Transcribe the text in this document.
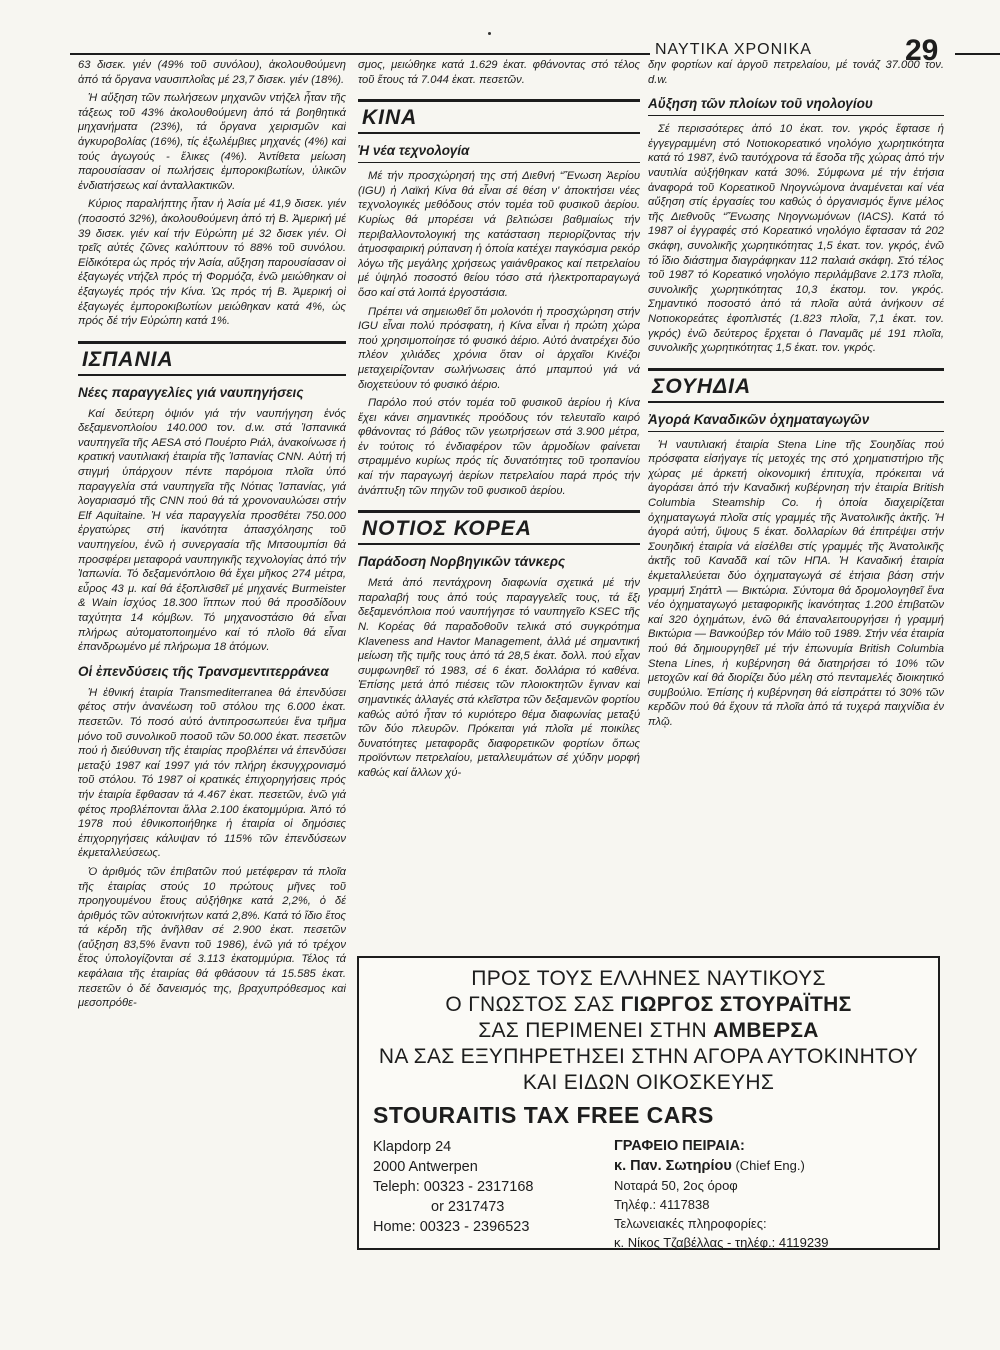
ΝΑΥΤΙΚΑ ΧΡΟΝΙΚΑ	29

63 δισεκ. γιέν (49% τοῦ συνόλου), ἀκολουθούμενη ἀπό τά ὄργανα ναυσιπλοΐας μέ 23,7 δισεκ. γιέν (18%).

Ἡ αὔξηση τῶν πωλήσεων μηχανῶν ντήζελ ἦταν τῆς τάξεως τοῦ 43% ἀκολουθούμενη ἀπό τά βοηθητικά μηχανήματα (23%), τά ὄργανα χειρισμῶν καί ἀγκυροβολίας (16%), τίς ἐξωλέμβιες μηχανές (4%) καί τούς ἀγωγούς - ἕλικες (4%). Ἀντίθετα μείωση παρουσίασαν οἱ πωλήσεις ἐμπορoκιβωτίων, ὑλικῶν ἐνδιατήσεως καί ἀνταλλακτικῶν.

Κύριος παραλήπτης ἦταν ἡ Ἀσία μέ 41,9 δισεκ. γιέν (ποσοστό 32%), ἀκολουθούμενη ἀπό τή Β. Ἀμερική μέ 39 δισεκ. γιέν καί τήν Εὐρώπη μέ 32 δισεκ γιέν. Οἱ τρεῖς αὐτές ζῶνες καλύπτουν τό 88% τοῦ συνόλου. Εἰδικότερα ὡς πρός τήν Ἀσία, αὔξηση παρουσίασαν οἱ ἐξαγωγές ντήζελ πρός τή Φορμόζα, ἐνῶ μειώθηκαν οἱ ἐξαγωγές πρός τήν Κίνα. Ὡς πρός τή Β. Ἀμερική οἱ ἐξαγωγές ἐμπορoκιβωτίων μειώθηκαν κατά 4%, ὡς πρός δέ τήν Εὐρώπη κατά 1%.

ΙΣΠΑΝΙΑ
Νέες παραγγελίες γιά ναυπηγήσεις

Καί δεύτερη ὀψιόν γιά τήν ναυπήγηση ἑνός δεξαμενοπλοίου 140.000 τον. d.w. στά Ἱσπανικά ναυπηγεῖα τῆς AESA στό Πουέρτο Ριάλ, ἀνακοίνωσε ἡ κρατική ναυτιλιακή ἑταιρία τῆς Ἱσπανίας CNN. Αὐτή τή στιγμή ὑπάρχουν πέντε παρόμοια πλοῖα ὑπό παραγγελία στά ναυπηγεῖα τῆς Νότιας Ἱσπανίας, γιά λογαριασμό τῆς CNN πού θά τά χρονοναυλώσει στήν Elf Aquitaine. Ἡ νέα παραγγελία προσθέτει 750.000 ἐργατώρες στή ἱκανότητα ἀπασχόλησης τοῦ ναυπηγείου, ἐνῶ ἡ συνεργασία τῆς Μιτσουμπίσι θά προσφέρει μεταφορά ναυπηγικῆς τεχνολογίας ἀπό τήν Ἰαπωνία. Τό δεξαμενόπλοιο θά ἔχει μῆκος 274 μέτρα, εὖρος 43 μ. καί θά ἐξοπλισθεῖ μέ μηχανές Burmeister & Wain ἰσχύος 18.300 ἵππων πού θά προσδίδουν ταχύτητα 14 κόμβων. Τό μηχανοστάσιο θά εἶναι πλήρως αὐτοματοποιημένο καί τό πλοῖο θά εἶναι ἐπανδρωμένο μέ πλήρωμα 18 ἀτόμων.

Οἱ ἐπενδύσεις τῆς Τρανσμεντιτερράνεα

Ἡ ἐθνική ἑταιρία Transmediterranea θά ἐπενδύσει φέτος στήν ἀνανέωση τοῦ στόλου της 6.000 ἑκατ. πεσετῶν. Τό ποσό αὐτό ἀντιπροσωπεύει ἕνα τμῆμα μόνο τοῦ συνολικοῦ ποσοῦ τῶν 50.000 ἑκατ. πεσετῶν πού ἡ διεύθυνση τῆς ἑταιρίας προβλέπει νά ἐπενδύσει μεταξύ 1987 καί 1997 γιά τόν πλήρη ἐκσυγχρονισμό τοῦ στόλου. Τό 1987 οἱ κρατικές ἐπιχορηγήσεις πρός τήν ἑταιρία ἔφθασαν τά 4.467 ἑκατ. πεσετῶν, ἐνῶ γιά φέτος προβλέπονται ἄλλα 2.100 ἑκατομμύρια. Ἀπό τό 1978 πού ἐθνικοποιήθηκε ἡ ἑταιρία οἱ δημόσιες ἐπιχορηγήσεις κάλυψαν τό 115% τῶν ἐπενδύσεων ἐκμεταλλεύσεως.

Ὁ ἀριθμός τῶν ἐπιβατῶν πού μετέφεραν τά πλοῖα τῆς ἑταιρίας στούς 10 πρώτους μῆνες τοῦ προηγουμένου ἔτους αὐξήθηκε κατά 2,2%, ὁ δέ ἀριθμός τῶν αὐτοκινήτων κατά 2,8%. Κατά τό ἴδιο ἔτος τά κέρδη τῆς ἀνῆλθαν σέ 2.900 ἑκατ. πεσετῶν (αὔξηση 83,5% ἔναντι τοῦ 1986), ἐνῶ γιά τό τρέχον ἔτος ὑπολογίζονται σέ 3.113 ἑκατομμύρια. Τέλος τά κεφάλαια τῆς ἑταιρίας θά φθάσουν τά 15.585 ἑκατ. πεσετῶν ὁ δέ δανεισμός της, βραχυπρόθεσμος καί μεσοπρόθε-

σμος, μειώθηκε κατά 1.629 ἑκατ. φθάνοντας στό τέλος τοῦ ἔτους τά 7.044 ἑκατ. πεσετῶν.

ΚΙΝΑ
Ἡ νέα τεχνολογία

Μέ τήν προσχώρησή της στή Διεθνή “Ἕνωση Ἀερίου (IGU) ἡ Λαϊκή Κίνα θά εἶναι σέ θέση ν' ἀποκτήσει νέες τεχνολογικές μεθόδους στόν τομέα τοῦ φυσικοῦ ἀερίου. Κυρίως θά μπορέσει νά βελτιώσει βαθμιαίως τήν περιβαλλοντολογική της κατάσταση περιορίζοντας τήν ἀτμοσφαιρική ρύπανση ἡ ὁποία κατέχει παγκόσμια ρεκόρ λόγω τῆς μεγάλης χρήσεως γαιάνθρακος καί πετρελαίου μέ ὑψηλό ποσοστό θείου τόσο στά ἠλεκτροπαραγωγά ὅσο καί στά λοιπά ἐργοστάσια.

Πρέπει νά σημειωθεῖ ὅτι μολονότι ἡ προσχώρηση στήν IGU εἶναι πολύ πρόσφατη, ἡ Κίνα εἶναι ἡ πρώτη χώρα πού χρησιμοποίησε τό φυσικό ἀέριο. Αὐτό ἀνατρέχει δύο πλέον χιλιάδες χρόνια ὅταν οἱ ἀρχαῖοι Κινέζοι μεταχειρίζονταν σωλήνωσεις ἀπό μπαμπού γιά νά διοχετεύουν τό φυσικό ἀέριο.

Παρόλο πού στόν τομέα τοῦ φυσικοῦ ἀερίου ἡ Κίνα ἔχει κάνει σημαντικές προόδους τόν τελευταῖο καιρό φθάνοντας τό βάθος τῶν γεωτρήσεων στά 3.900 μέτρα, ἐν τούτοις τό ἐνδιαφέρον τῶν ἁρμοδίων φαίνεται στραμμένο κυρίως πρός τίς δυνατότητες τοῦ τροπανίου καί τήν παραγωγή ἀερίων πετρελαίου παρά πρός τήν ἀνάπτυξη τῶν πηγῶν τοῦ φυσικοῦ ἀερίου.

ΝΟΤΙΟΣ ΚΟΡΕΑ
Παράδοση Νορβηγικῶν τάνκερς

Μετά ἀπό πεντάχρονη διαφωνία σχετικά μέ τήν παραλαβή τους ἀπό τούς παραγγελεῖς τους, τά ἕξι δεξαμενόπλοια πού ναυπήγησε τό ναυπηγεῖο KSEC τῆς Ν. Κορέας θά παραδοθοῦν τελικά στό συγκρότημα Klaveness and Havtor Management, ἀλλά μέ σημαντική μείωση τῆς τιμῆς τους ἀπό τά 28,5 ἑκατ. δολλ. πού εἶχαν συμφωνηθεῖ τό 1983, σέ 6 ἑκατ. δολλάρια τό καθένα. Ἐπίσης μετά ἀπό πιέσεις τῶν πλοιοκτητῶν ἔγιναν καί σημαντικές ἀλλαγές στά κλεῖστρα τῶν δεξαμενῶν φορτίου καθώς αὐτό ἦταν τό κυριότερο θέμα διαφωνίας μεταξύ τῶν δύο πλευρῶν. Πρόκειται γιά πλοῖα μέ ποικίλες δυνατότητες μεταφορᾶς διαφορετικῶν φορτίων ὅπως προϊόντων πετρελαίου, μεταλλευμάτων σέ χύδην μορφή καθώς καί ἄλλων χύ-

δην φορτίων καί ἀργοῦ πετρελαίου, μέ τονάζ 37.000 τον. d.w.

Αὔξηση τῶν πλοίων τοῦ νηολογίου

Σέ περισσότερες ἀπό 10 ἑκατ. τον. γκρός ἔφτασε ἡ ἐγγεγραμμένη στό Νοτιοκορεατικό νηολόγιο χωρητικότητα κατά τό 1987, ἐνῶ ταυτόχρονα τά ἔσοδα τῆς χώρας ἀπό τήν ναυτιλία αὐξήθηκαν κατά 30%. Σύμφωνα μέ τήν ἐτήσια ἀναφορά τοῦ Κορεατικοῦ Νηογνώμονα ἀναμένεται καί νέα αὔξηση στίς ἐργασίες του καθώς ὁ ὀργανισμός ἔγινε μέλος τῆς Διεθνοῦς “Ἕνωσης Νηογνωμόνων (IACS). Κατά τό 1987 οἱ ἐγγραφές στό Κορεατικό νηολόγιο ἔφτασαν τά 202 σκάφη, συνολικῆς χωρητικότητας 1,5 ἑκατ. τον. γκρός, ἐνῶ τό ἴδιο διάστημα διαγράφηκαν 112 παλαιά σκάφη. Στό τέλος τοῦ 1987 τό Κορεατικό νηολόγιο περιλάμβανε 2.173 πλοῖα, συνολικῆς χωρητικότητας 10,3 ἑκατομ. τον. γκρός. Σημαντικό ποσοστό ἀπό τά πλοῖα αὐτά ἀνήκουν σέ Νοτιοκορεάτες ἐφοπλιστές (1.823 πλοῖα, 7,1 ἑκατ. τον. γκρός) ἐνῶ δεύτερος ἔρχεται ὁ Παναμᾶς μέ 191 πλοῖα, συνολικῆς χωρητικότητας 1,5 ἑκατ. τον. γκρός.

ΣΟΥΗΔΙΑ
Ἀγορά Καναδικῶν ὀχηματαγωγῶν

Ἡ ναυτιλιακή ἑταιρία Stena Line τῆς Σουηδίας πού πρόσφατα εἰσήγαγε τίς μετοχές της στό χρηματιστήριο τῆς χώρας μέ ἀρκετή οἰκονομική ἐπιτυχία, πρόκειται νά ἀγοράσει ἀπό τήν Καναδική κυβέρνηση τήν ἑταιρία British Columbia Steamship Co. ἡ ὁποία διαχειρίζεται ὀχηματαγωγά πλοῖα στίς γραμμές τῆς Ἀνατολικῆς ἀκτῆς. Ἡ ἀγορά αὐτή, ὕψους 5 ἑκατ. δολλαρίων θά ἐπιτρέψει στήν Σουηδική ἑταιρία νά εἰσέλθει στίς γραμμές τῆς Ἀνατολικῆς ἀκτῆς τοῦ Καναδᾶ καί τῶν ΗΠΑ. Ἡ Καναδική ἑταιρία ἐκμεταλλεύεται δύο ὀχηματαγωγά σέ ἐτήσια βάση στήν γραμμή Σηάττλ — Βικτώρια. Σύντομα θά δρομολογηθεῖ ἕνα νέο ὀχηματαγωγό μεταφορικῆς ἱκανότητας 1.200 ἐπιβατῶν καί 320 ὀχημάτων, ἐνῶ θά ἐπαναλειτουργήσει ἡ γραμμή Βικτώρια — Βανκούβερ τόν Μάϊο τοῦ 1989. Στήν νέα ἑταιρία πού θά δημιουργηθεῖ μέ τήν ἐπωνυμία British Columbia Stena Lines, ἡ κυβέρνηση θά διατηρήσει τό 10% τῶν μετοχῶν καί θά διορίζει δύο μέλη στό πενταμελές διοικητικό συμβούλιο. Ἐπίσης ἡ κυβέρνηση θά εἰσπράττει τό 30% τῶν κερδῶν πού θά ἔχουν τά πλοῖα ἀπό τά τυχερά παιχνίδια ἐν πλῷ.

ΠΡΟΣ ΤΟΥΣ ΕΛΛΗΝΕΣ ΝΑΥΤΙΚΟΥΣ
Ο ΓΝΩΣΤΟΣ ΣΑΣ ΓΙΩΡΓΟΣ ΣΤΟΥΡΑΪΤΗΣ
ΣΑΣ ΠΕΡΙΜΕΝΕΙ ΣΤΗΝ ΑΜΒΕΡΣΑ
ΝΑ ΣΑΣ ΕΞΥΠΗΡΕΤΗΣΕΙ ΣΤΗΝ ΑΓΟΡΑ ΑΥΤΟΚΙΝΗΤΟΥ
ΚΑΙ ΕΙΔΩΝ ΟΙΚΟΣΚΕΥΗΣ
STOURAITIS TAX FREE CARS
Klapdorp 24
2000 Antwerpen
Teleph: 00323 - 2317168
or 2317473
Home: 00323 - 2396523
ΓΡΑΦΕΙΟ ΠΕΙΡΑΙΑ:
κ. Παν. Σωτηρίου (Chief Eng.)
Νοταρά 50, 2ος όροφ
Τηλέφ.: 4117838
Τελωνειακές πληροφορίες:
κ. Νίκος Τζαβέλλας - τηλέφ.: 4119239
